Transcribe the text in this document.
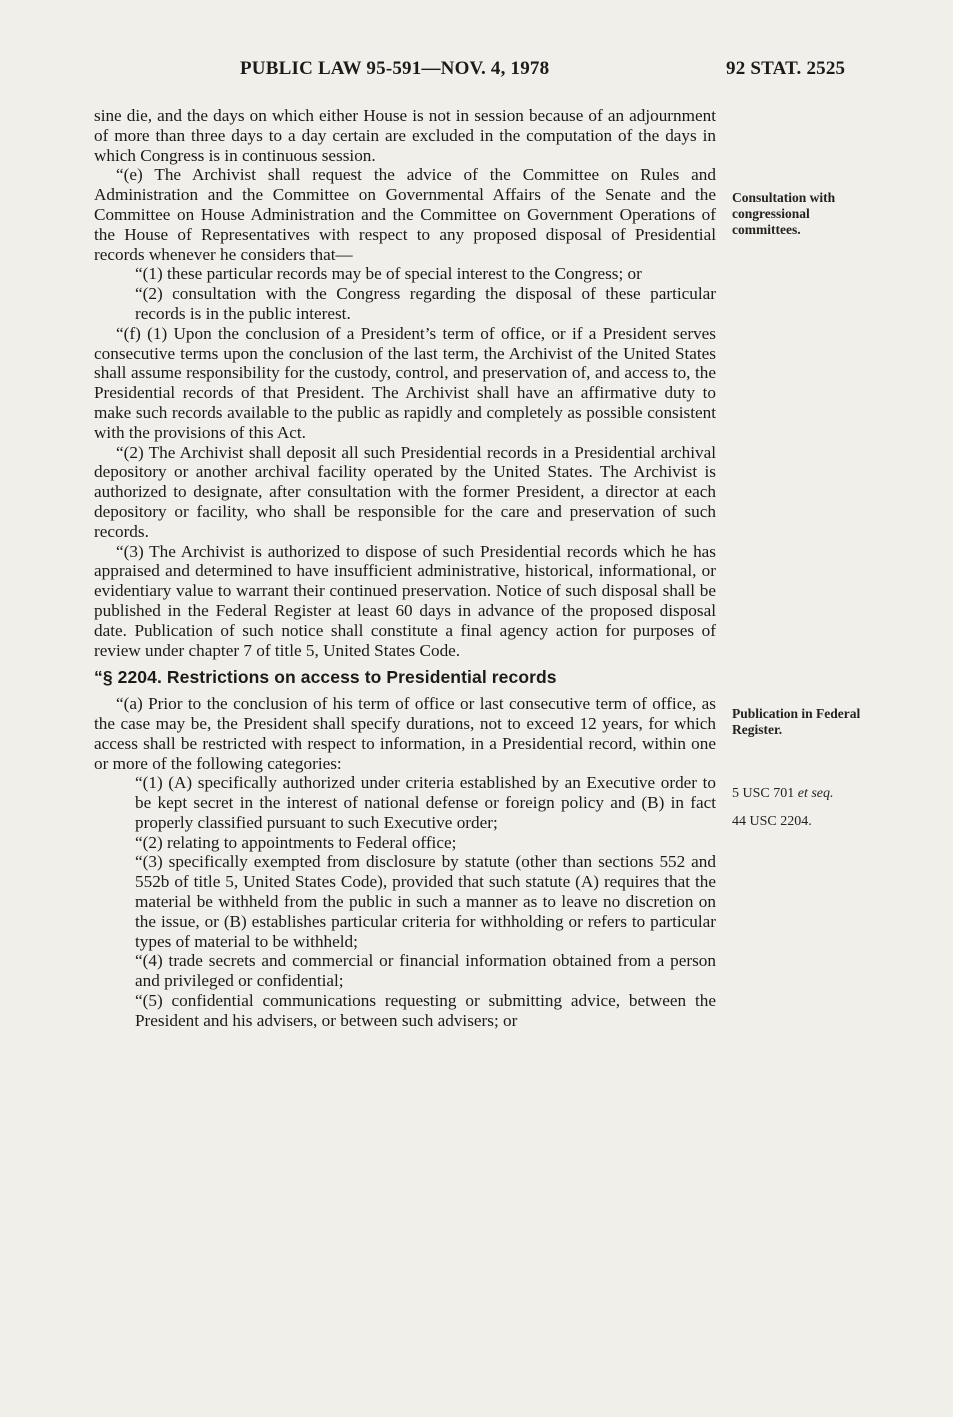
PUBLIC LAW 95-591—NOV. 4, 1978	92 STAT. 2525

sine die, and the days on which either House is not in session because of an adjournment of more than three days to a day certain are excluded in the computation of the days in which Congress is in continuous session.

“(e) The Archivist shall request the advice of the Committee on Rules and Administration and the Committee on Governmental Affairs of the Senate and the Committee on House Administration and the Committee on Government Operations of the House of Representatives with respect to any proposed disposal of Presidential records whenever he considers that—

“(1) these particular records may be of special interest to the Congress; or

“(2) consultation with the Congress regarding the disposal of these particular records is in the public interest.

“(f) (1) Upon the conclusion of a President’s term of office, or if a President serves consecutive terms upon the conclusion of the last term, the Archivist of the United States shall assume responsibility for the custody, control, and preservation of, and access to, the Presidential records of that President. The Archivist shall have an affirmative duty to make such records available to the public as rapidly and completely as possible consistent with the provisions of this Act.

“(2) The Archivist shall deposit all such Presidential records in a Presidential archival depository or another archival facility operated by the United States. The Archivist is authorized to designate, after consultation with the former President, a director at each depository or facility, who shall be responsible for the care and preservation of such records.

“(3) The Archivist is authorized to dispose of such Presidential records which he has appraised and determined to have insufficient administrative, historical, informational, or evidentiary value to warrant their continued preservation. Notice of such disposal shall be published in the Federal Register at least 60 days in advance of the proposed disposal date. Publication of such notice shall constitute a final agency action for purposes of review under chapter 7 of title 5, United States Code.

“§ 2204. Restrictions on access to Presidential records

“(a) Prior to the conclusion of his term of office or last consecutive term of office, as the case may be, the President shall specify durations, not to exceed 12 years, for which access shall be restricted with respect to information, in a Presidential record, within one or more of the following categories:

“(1) (A) specifically authorized under criteria established by an Executive order to be kept secret in the interest of national defense or foreign policy and (B) in fact properly classified pursuant to such Executive order;

“(2) relating to appointments to Federal office;

“(3) specifically exempted from disclosure by statute (other than sections 552 and 552b of title 5, United States Code), provided that such statute (A) requires that the material be withheld from the public in such a manner as to leave no discretion on the issue, or (B) establishes particular criteria for withholding or refers to particular types of material to be withheld;

“(4) trade secrets and commercial or financial information obtained from a person and privileged or confidential;

“(5) confidential communications requesting or submitting advice, between the President and his advisers, or between such advisers; or

Consultation with congressional committees.
Publication in Federal Register.
5 USC 701 et seq.
44 USC 2204.
